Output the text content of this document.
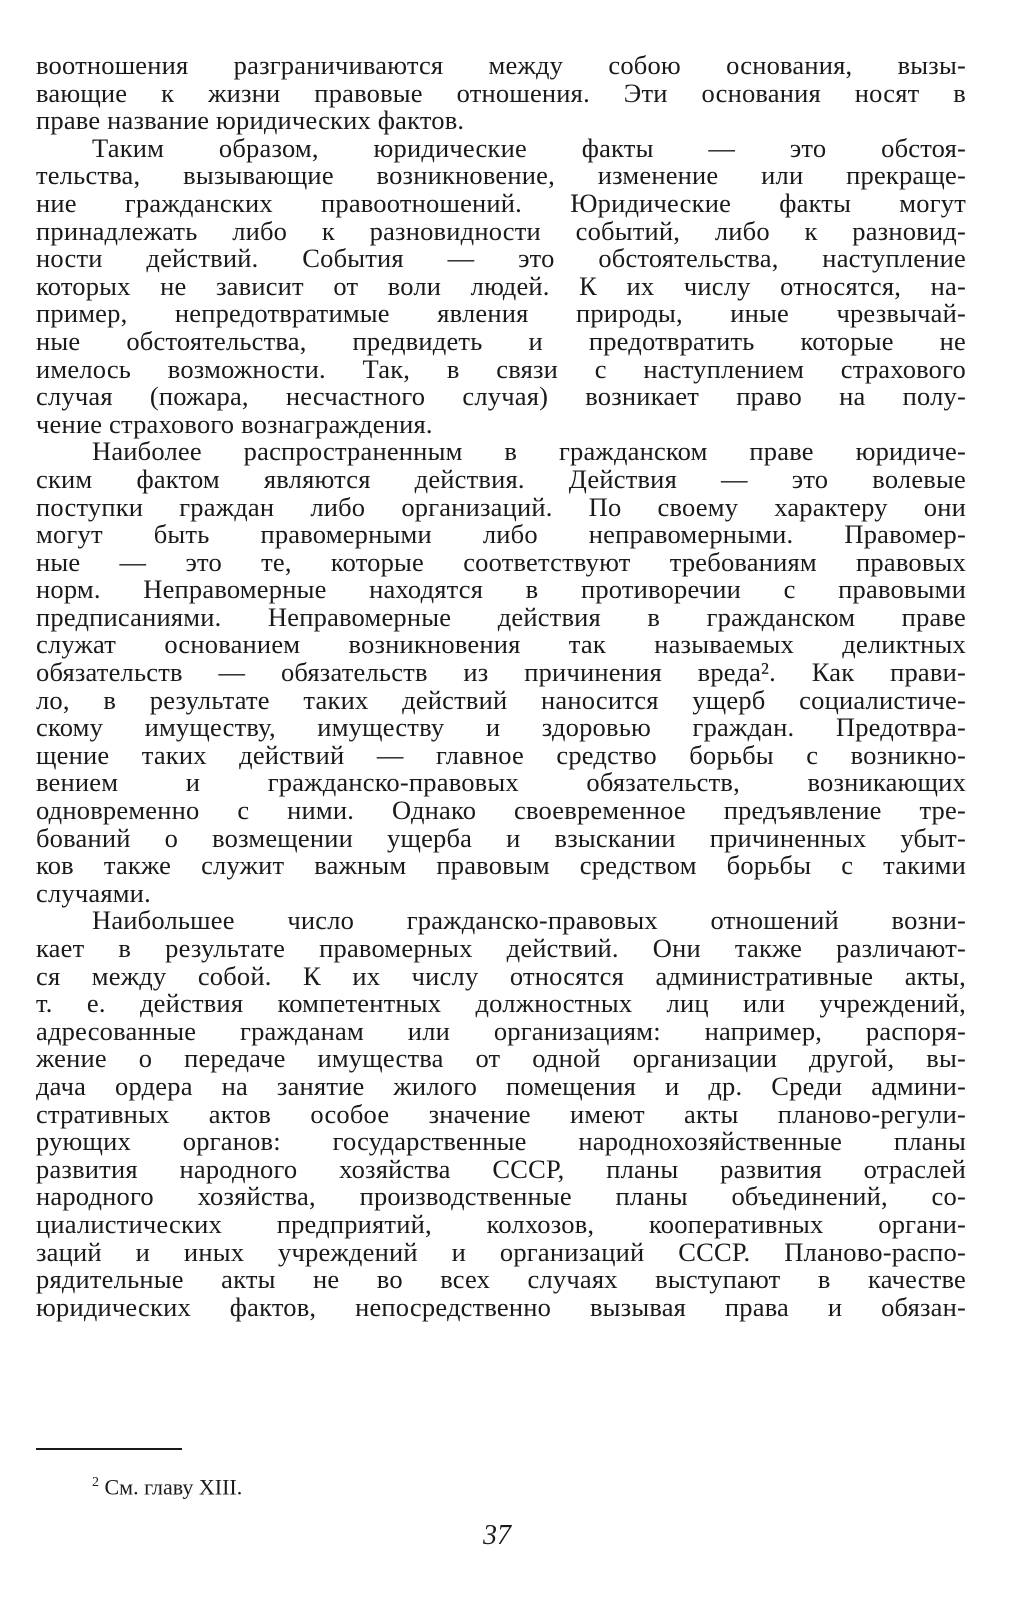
воотношения разграничиваются между собою основания, вызы-
вающие к жизни правовые отношения. Эти основания носят в
праве название юридических фактов.

Таким образом, юридические факты — это обстоя-
тельства, вызывающие возникновение, изменение или прекраще-
ние гражданских правоотношений. Юридические факты могут
принадлежать либо к разновидности событий, либо к разновид-
ности действий. События — это обстоятельства, наступление
которых не зависит от воли людей. К их числу относятся, на-
пример, непредотвратимые явления природы, иные чрезвычай-
ные обстоятельства, предвидеть и предотвратить которые не
имелось возможности. Так, в связи с наступлением страхового
случая (пожара, несчастного случая) возникает право на полу-
чение страхового вознаграждения.

Наиболее распространенным в гражданском праве юридиче-
ским фактом являются действия. Действия — это волевые
поступки граждан либо организаций. По своему характеру они
могут быть правомерными либо неправомерными. Правомер-
ные — это те, которые соответствуют требованиям правовых
норм. Неправомерные находятся в противоречии с правовыми
предписаниями. Неправомерные действия в гражданском праве
служат основанием возникновения так называемых деликтных
обязательств — обязательств из причинения вреда². Как прави-
ло, в результате таких действий наносится ущерб социалистиче-
скому имуществу, имуществу и здоровью граждан. Предотвра-
щение таких действий — главное средство борьбы с возникно-
вением и гражданско-правовых обязательств, возникающих
одновременно с ними. Однако своевременное предъявление тре-
бований о возмещении ущерба и взыскании причиненных убыт-
ков также служит важным правовым средством борьбы с такими
случаями.

Наибольшее число гражданско-правовых отношений возни-
кает в результате правомерных действий. Они также различают-
ся между собой. К их числу относятся административные акты,
т. е. действия компетентных должностных лиц или учреждений,
адресованные гражданам или организациям: например, распоря-
жение о передаче имущества от одной организации другой, вы-
дача ордера на занятие жилого помещения и др. Среди админи-
стративных актов особое значение имеют акты планово-регули-
рующих органов: государственные народнохозяйственные планы
развития народного хозяйства СССР, планы развития отраслей
народного хозяйства, производственные планы объединений, со-
циалистических предприятий, колхозов, кооперативных органи-
заций и иных учреждений и организаций СССР. Планово-распо-
рядительные акты не во всех случаях выступают в качестве
юридических фактов, непосредственно вызывая права и обязан-

$^2$ См. главу XIII.
37
